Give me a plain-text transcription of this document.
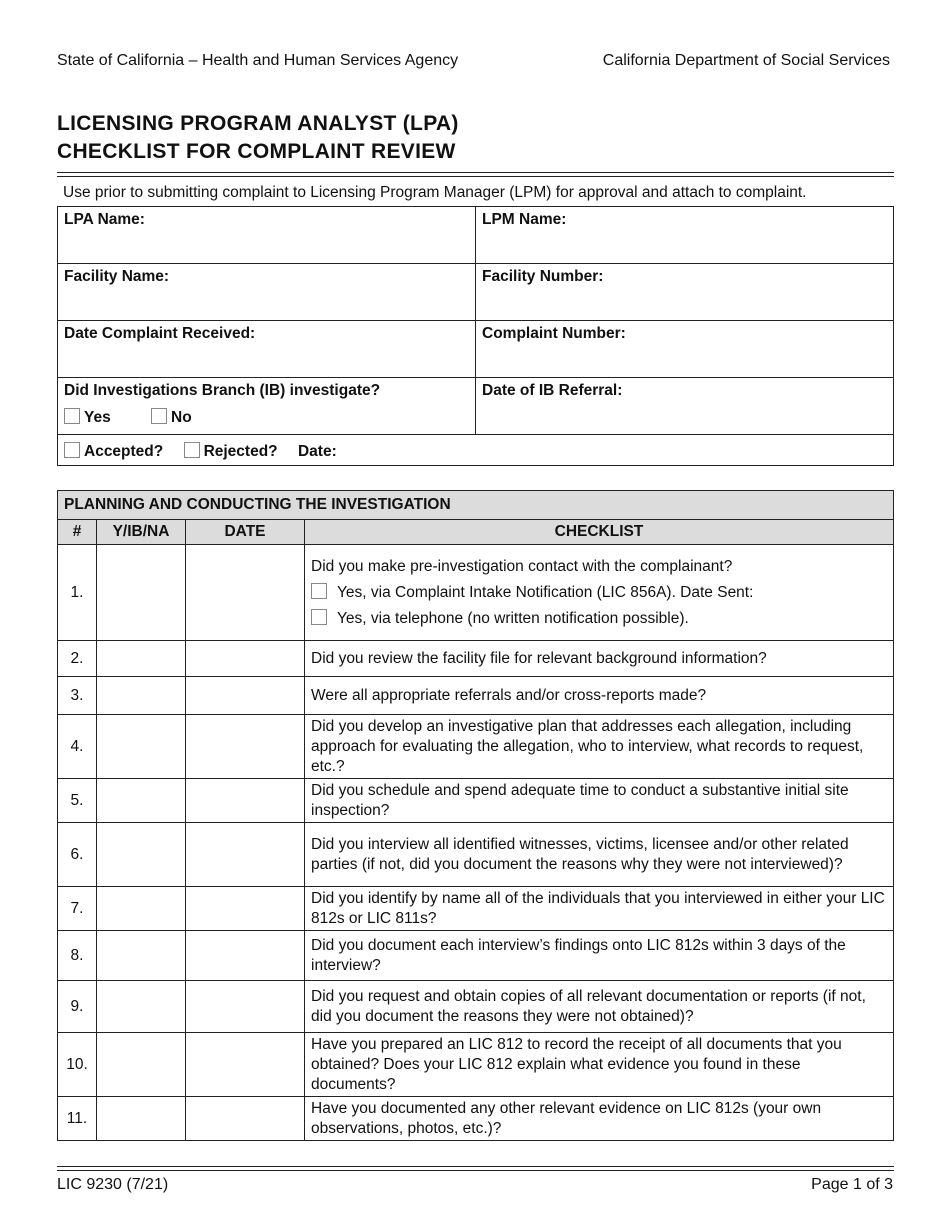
State of California – Health and Human Services Agency	California Department of Social Services
LICENSING PROGRAM ANALYST (LPA)
CHECKLIST FOR COMPLAINT REVIEW
Use prior to submitting complaint to Licensing Program Manager (LPM) for approval and attach to complaint.
LPA Name:	LPM Name:

Facility Name:	Facility Number:

Date Complaint Received:	Complaint Number:

Did Investigations Branch (IB) investigate?
Yes No	Date of IB Referral:

Accepted? Rejected? Date:	
PLANNING AND CONDUCTING THE INVESTIGATION			
#	Y/IB/NA	DATE	CHECKLIST
1.			Did you make pre-investigation contact with the complainant?
Yes, via Complaint Intake Notification (LIC 856A). Date Sent:
Yes, via telephone (no written notification possible).

2.			Did you review the facility file for relevant background information?
3.			Were all appropriate referrals and/or cross-reports made?
4.			Did you develop an investigative plan that addresses each allegation, including approach for evaluating the allegation, who to interview, what records to request, etc.?
5.			Did you schedule and spend adequate time to conduct a substantive initial site inspection?
6.			Did you interview all identified witnesses, victims, licensee and/or other related parties (if not, did you document the reasons why they were not interviewed)?
7.			Did you identify by name all of the individuals that you interviewed in either your LIC 812s or LIC 811s?
8.			Did you document each interview’s findings onto LIC 812s within 3 days of the interview?
9.			Did you request and obtain copies of all relevant documentation or reports (if not, did you document the reasons they were not obtained)?
10.			Have you prepared an LIC 812 to record the receipt of all documents that you obtained? Does your LIC 812 explain what evidence you found in these documents?
11.			Have you documented any other relevant evidence on LIC 812s (your own observations, photos, etc.)?
LIC 9230 (7/21)	Page 1 of 3
